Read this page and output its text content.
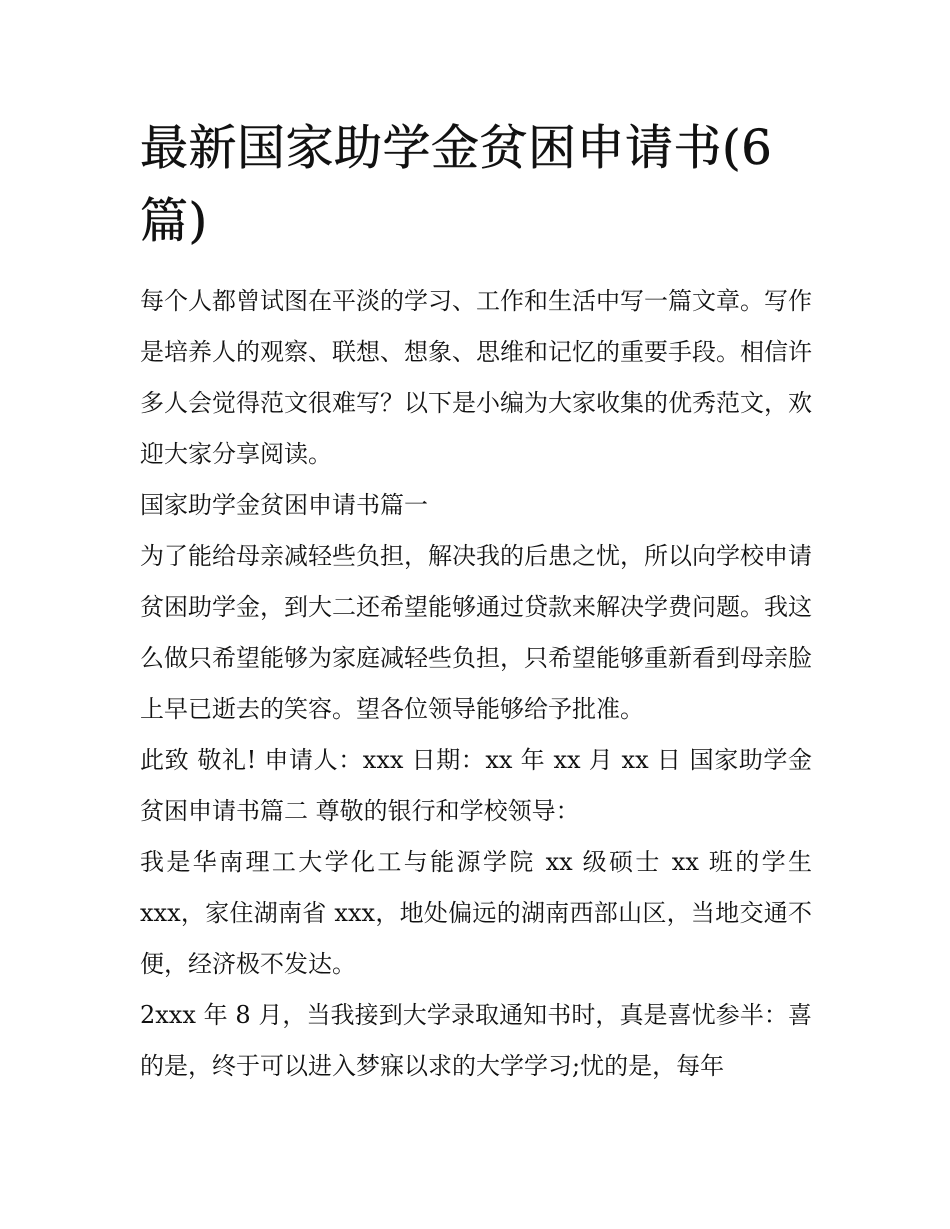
最新国家助学金贫困申请书(6篇)

每个人都曾试图在平淡的学习、工作和生活中写一篇文章。写作是培养人的观察、联想、想象、思维和记忆的重要手段。相信许多人会觉得范文很难写？以下是小编为大家收集的优秀范文，欢迎大家分享阅读。

国家助学金贫困申请书篇一

为了能给母亲减轻些负担，解决我的后患之忧，所以向学校申请贫困助学金，到大二还希望能够通过贷款来解决学费问题。我这么做只希望能够为家庭减轻些负担，只希望能够重新看到母亲脸上早已逝去的笑容。望各位领导能够给予批准。

此致 敬礼! 申请人：xxx 日期：xx 年 xx 月 xx 日 国家助学金贫困申请书篇二 尊敬的银行和学校领导：

我是华南理工大学化工与能源学院 xx 级硕士 xx 班的学生 xxx，家住湖南省 xxx，地处偏远的湖南西部山区，当地交通不便，经济极不发达。

2xxx 年 8 月，当我接到大学录取通知书时，真是喜忧参半：喜的是，终于可以进入梦寐以求的大学学习;忧的是，每年
